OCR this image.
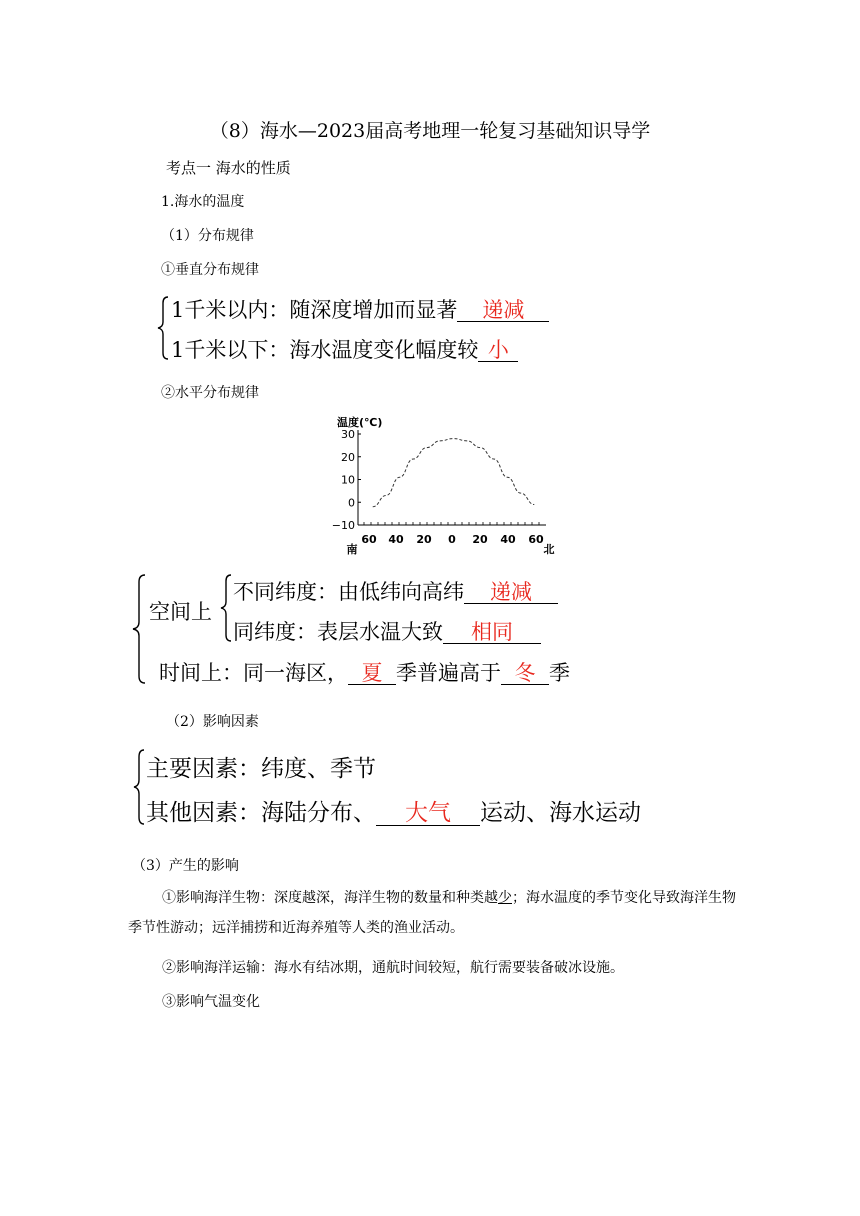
（8）海水—2023届高考地理一轮复习基础知识导学
考点一 海水的性质
1.海水的温度
（1）分布规律
①垂直分布规律
1千米以内：随深度增加而显著 递减
1千米以下：海水温度变化幅度较 小
②水平分布规律
温度(℃)
30
20
10
0
−10
南
60 40 20 0 20 40 60
北
空间上
不同纬度：由低纬向高纬 递减
同纬度：表层水温大致 相同
时间上：同一海区， 夏 季普遍高于 冬 季
（2）影响因素
主要因素：纬度、季节
其他因素：海陆分布、 大气 运动、海水运动
（3）产生的影响
①影响海洋生物：深度越深，海洋生物的数量和种类越少；海水温度的季节变化导致海洋生物季节性游动；远洋捕捞和近海养殖等人类的渔业活动。
②影响海洋运输：海水有结冰期，通航时间较短，航行需要装备破冰设施。
③影响气温变化
